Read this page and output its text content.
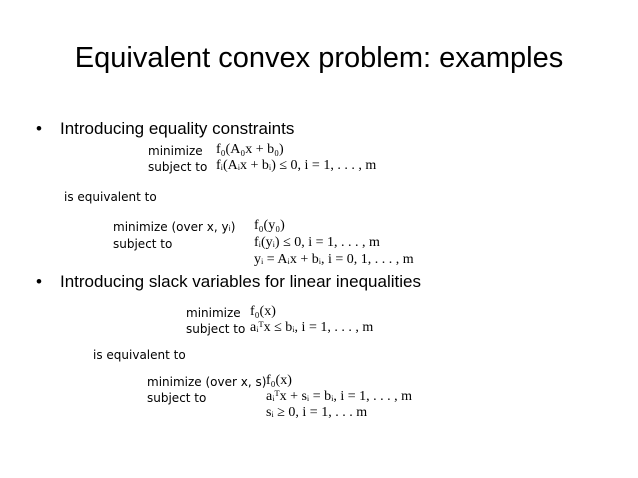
Equivalent convex problem: examples
• Introducing equality constraints
minimize f₀(A₀x + b₀)
subject to fᵢ(Aᵢx + bᵢ) ≤ 0, i = 1, . . . , m
is equivalent to
minimize (over x, yᵢ) f₀(y₀)
subject to	fᵢ(yᵢ) ≤ 0, i = 1, . . . , m
yᵢ = Aᵢx + bᵢ, i = 0, 1, . . . , m
• Introducing slack variables for linear inequalities
minimize f₀(x)
subject to aᵢᵀx ≤ bᵢ, i = 1, . . . , m
is equivalent to
minimize (over x, s) f₀(x)
subject to	aᵢᵀx + sᵢ = bᵢ, i = 1, . . . , m
sᵢ ≥ 0, i = 1, . . . m
